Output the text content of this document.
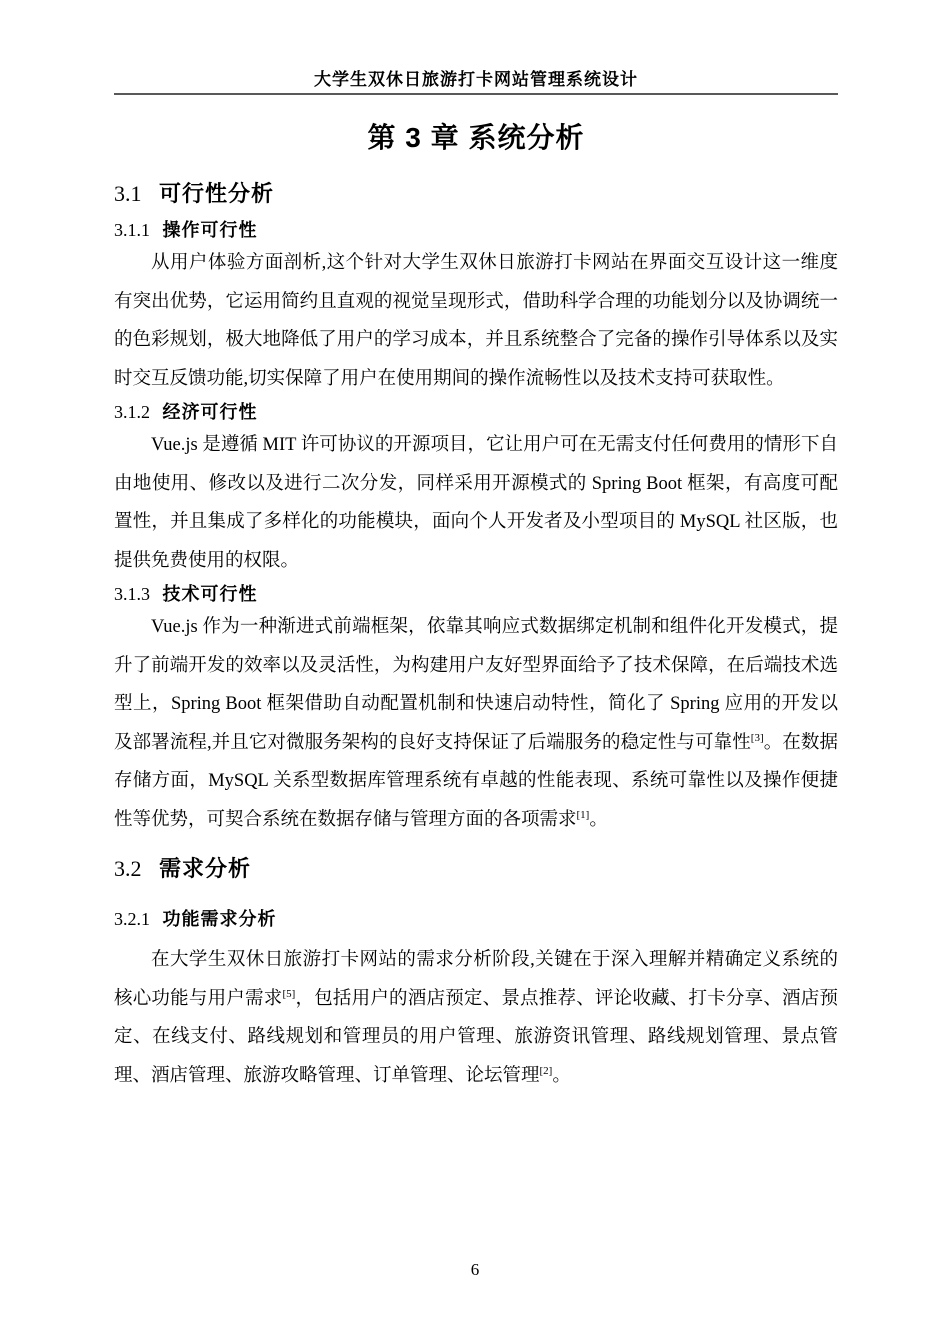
大学生双休日旅游打卡网站管理系统设计
第 3 章 系统分析
3.1 可行性分析
3.1.1 操作可行性

从用户体验方面剖析,这个针对大学生双休日旅游打卡网站在界面交互设计这一维度有突出优势，它运用简约且直观的视觉呈现形式，借助科学合理的功能划分以及协调统一的色彩规划，极大地降低了用户的学习成本，并且系统整合了完备的操作引导体系以及实时交互反馈功能,切实保障了用户在使用期间的操作流畅性以及技术支持可获取性。

3.1.2 经济可行性

Vue.js 是遵循 MIT 许可协议的开源项目，它让用户可在无需支付任何费用的情形下自由地使用、修改以及进行二次分发，同样采用开源模式的 Spring Boot 框架，有高度可配置性，并且集成了多样化的功能模块，面向个人开发者及小型项目的 MySQL 社区版，也提供免费使用的权限。

3.1.3 技术可行性

Vue.js 作为一种渐进式前端框架，依靠其响应式数据绑定机制和组件化开发模式，提升了前端开发的效率以及灵活性，为构建用户友好型界面给予了技术保障，在后端技术选型上，Spring Boot 框架借助自动配置机制和快速启动特性，简化了 Spring 应用的开发以及部署流程,并且它对微服务架构的良好支持保证了后端服务的稳定性与可靠性[3]。在数据存储方面，MySQL 关系型数据库管理系统有卓越的性能表现、系统可靠性以及操作便捷性等优势，可契合系统在数据存储与管理方面的各项需求[1]。

3.2 需求分析
3.2.1 功能需求分析

在大学生双休日旅游打卡网站的需求分析阶段,关键在于深入理解并精确定义系统的核心功能与用户需求[5]，包括用户的酒店预定、景点推荐、评论收藏、打卡分享、酒店预定、在线支付、路线规划和管理员的用户管理、旅游资讯管理、路线规划管理、景点管理、酒店管理、旅游攻略管理、订单管理、论坛管理[2]。

6
